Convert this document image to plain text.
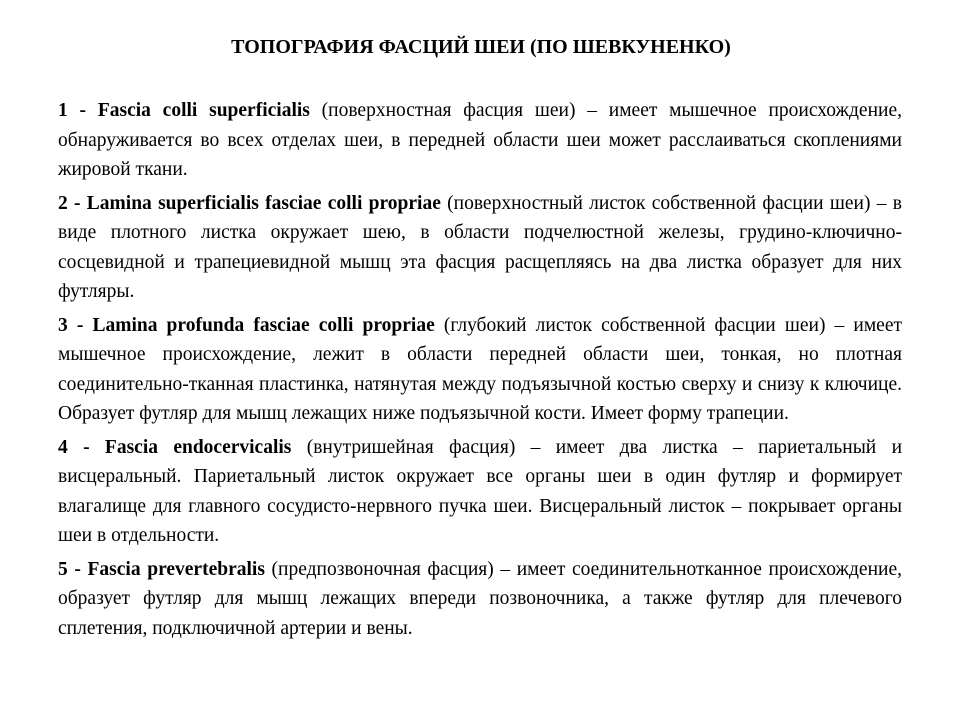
ТОПОГРАФИЯ ФАСЦИЙ ШЕИ (ПО ШЕВКУНЕНКО)

1 - Fascia colli superficialis (поверхностная фасция шеи) – имеет мышечное происхождение, обнаруживается во всех отделах шеи, в передней области шеи может расслаиваться скоплениями жировой ткани.

2 - Lamina superficialis fasciae colli propriae (поверхностный листок собственной фасции шеи) – в виде плотного листка окружает шею, в области подчелюстной железы, грудино-ключично-сосцевидной и трапециевидной мышц эта фасция расщепляясь на два листка образует для них футляры.

3 - Lamina profunda fasciae colli propriae (глубокий листок собственной фасции шеи) – имеет мышечное происхождение, лежит в области передней области шеи, тонкая, но плотная соединительно-тканная пластинка, натянутая между подъязычной костью сверху и снизу к ключице. Образует футляр для мышц лежащих ниже подъязычной кости. Имеет форму трапеции.

4 - Fascia endocervicalis (внутришейная фасция) – имеет два листка – париетальный и висцеральный. Париетальный листок окружает все органы шеи в один футляр и формирует влагалище для главного сосудисто-нервного пучка шеи. Висцеральный листок – покрывает органы шеи в отдельности.

5 - Fascia prevertebralis (предпозвоночная фасция) – имеет соединительнотканное происхождение, образует футляр для мышц лежащих впереди позвоночника, а также футляр для плечевого сплетения, подключичной артерии и вены.
